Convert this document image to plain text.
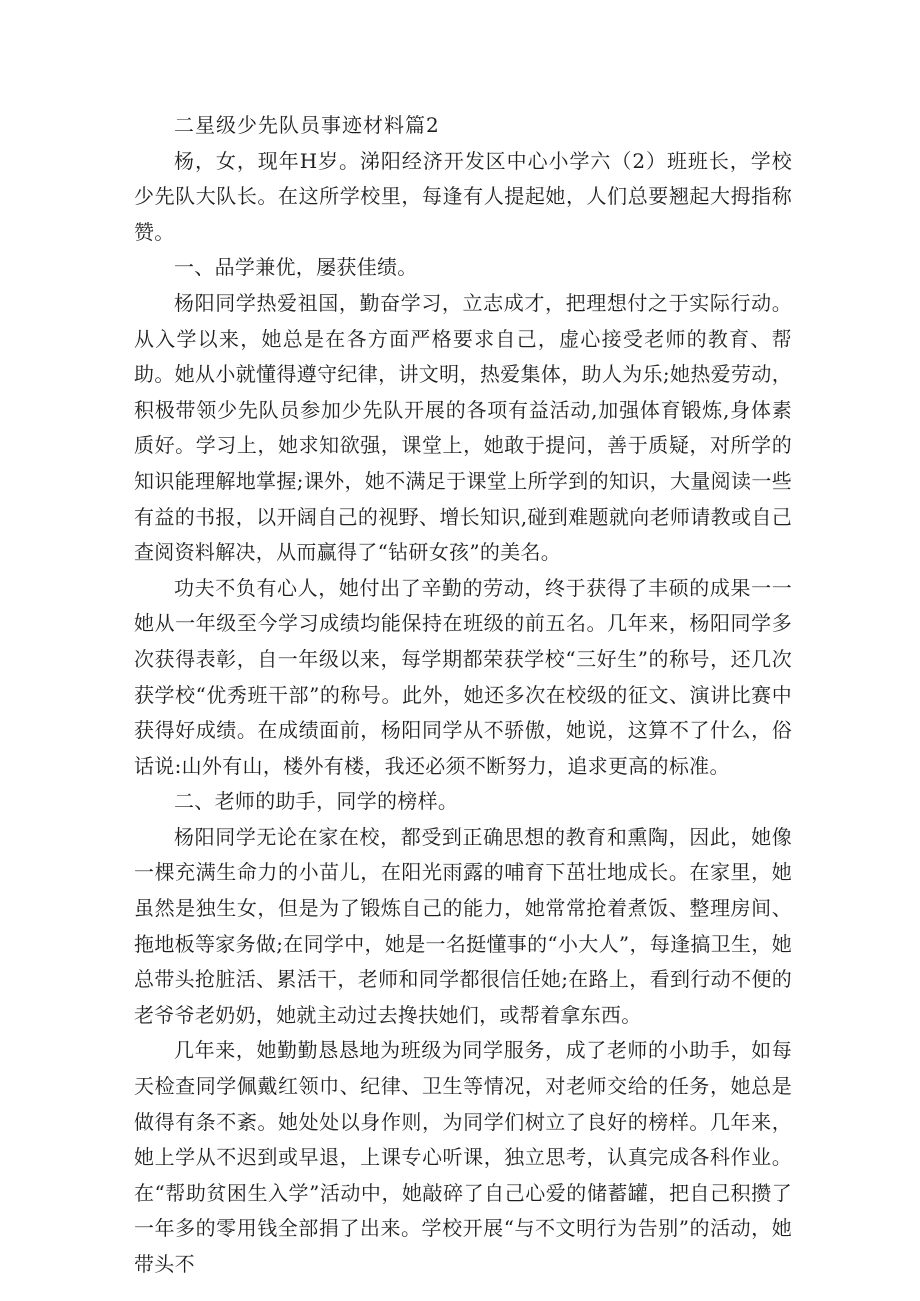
二星级少先队员事迹材料篇2

杨，女，现年H岁。涕阳经济开发区中心小学六（2）班班长，学校少先队大队长。在这所学校里，每逢有人提起她，人们总要翘起大拇指称赞。

一、品学兼优，屡获佳绩。

杨阳同学热爱祖国，勤奋学习，立志成才，把理想付之于实际行动。从入学以来，她总是在各方面严格要求自己，虚心接受老师的教育、帮助。她从小就懂得遵守纪律，讲文明，热爱集体，助人为乐;她热爱劳动，积极带领少先队员参加少先队开展的各项有益活动,加强体育锻炼,身体素质好。学习上，她求知欲强，课堂上，她敢于提问，善于质疑，对所学的知识能理解地掌握;课外，她不满足于课堂上所学到的知识，大量阅读一些有益的书报，以开阔自己的视野、增长知识,碰到难题就向老师请教或自己查阅资料解决，从而赢得了“钻研女孩”的美名。

功夫不负有心人，她付出了辛勤的劳动，终于获得了丰硕的成果一一她从一年级至今学习成绩均能保持在班级的前五名。几年来，杨阳同学多次获得表彰，自一年级以来，每学期都荣获学校“三好生”的称号，还几次获学校“优秀班干部”的称号。此外，她还多次在校级的征文、演讲比赛中获得好成绩。在成绩面前，杨阳同学从不骄傲，她说，这算不了什么，俗话说:山外有山，楼外有楼，我还必须不断努力，追求更高的标准。

二、老师的助手，同学的榜样。

杨阳同学无论在家在校，都受到正确思想的教育和熏陶，因此，她像一棵充满生命力的小苗儿，在阳光雨露的哺育下茁壮地成长。在家里，她虽然是独生女，但是为了锻炼自己的能力，她常常抢着煮饭、整理房间、拖地板等家务做;在同学中，她是一名挺懂事的“小大人”，每逢搞卫生，她总带头抢脏活、累活干，老师和同学都很信任她;在路上，看到行动不便的老爷爷老奶奶，她就主动过去搀扶她们，或帮着拿东西。

几年来，她勤勤恳恳地为班级为同学服务，成了老师的小助手，如每天检查同学佩戴红领巾、纪律、卫生等情况，对老师交给的任务，她总是做得有条不紊。她处处以身作则，为同学们树立了良好的榜样。几年来，她上学从不迟到或早退，上课专心听课，独立思考，认真完成各科作业。在“帮助贫困生入学”活动中，她敲碎了自己心爱的储蓄罐，把自己积攒了一年多的零用钱全部捐了出来。学校开展“与不文明行为告别”的活动，她带头不
